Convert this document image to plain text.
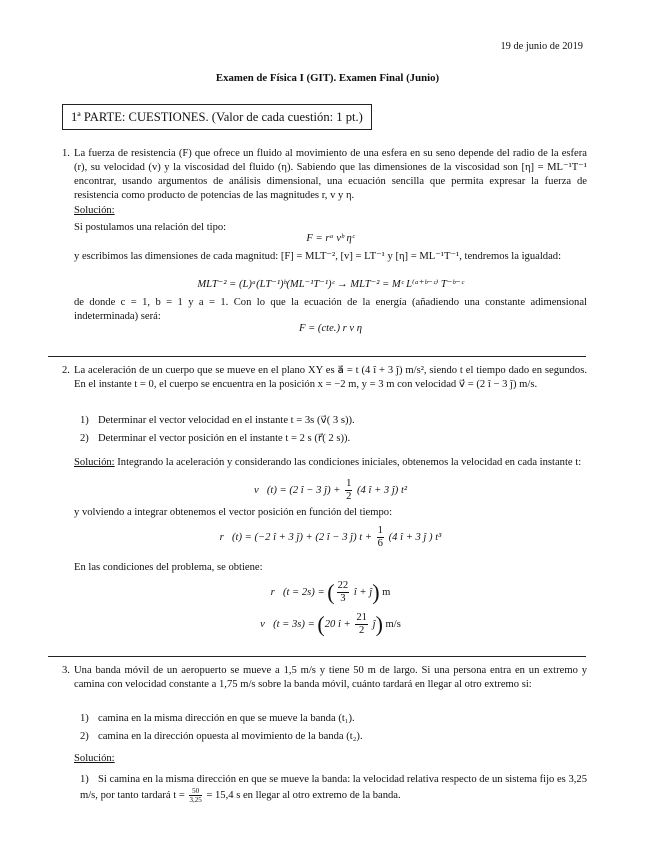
19 de junio de 2019
Examen de Física I (GIT). Examen Final (Junio)
1ª PARTE: CUESTIONES. (Valor de cada cuestión: 1 pt.)
1. La fuerza de resistencia (F) que ofrece un fluido al movimiento de una esfera en su seno depende del radio de la esfera (r), su velocidad (v) y la viscosidad del fluido (η). Sabiendo que las dimensiones de la viscosidad son [η] = ML⁻¹T⁻¹ encontrar, usando argumentos de análisis dimensional, una ecuación sencilla que permita expresar la fuerza de resistencia como producto de potencias de las magnitudes r, v y η.
Solución:
Si postulamos una relación del tipo:
F = rᵃ vᵇ ηᶜ
y escribimos las dimensiones de cada magnitud: [F] = MLT⁻², [v] = LT⁻¹ y [η] = ML⁻¹T⁻¹, tendremos la igualdad:
MLT⁻² = (L)ᵃ(LT⁻¹)ᵇ(ML⁻¹T⁻¹)ᶜ → MLT⁻² = Mᶜ L⁽ᵃ⁺ᵇ⁻ᶜ⁾ T⁻ᵇ⁻ᶜ
de donde c = 1, b = 1 y a = 1. Con lo que la ecuación de la energía (añadiendo una constante adimensional indeterminada) será:
F = (cte.) r v η
2. La aceleración de un cuerpo que se mueve en el plano XY es a⃗ = t (4 î + 3 ĵ) m/s², siendo t el tiempo dado en segundos. En el instante t = 0, el cuerpo se encuentra en la posición x = −2 m, y = 3 m con velocidad v⃗ = (2 î − 3 ĵ) m/s.
1) Determinar el vector velocidad en el instante t = 3s (v⃗( 3 s)).
2) Determinar el vector posición en el instante t = 2 s (r⃗( 2 s)).
Solución: Integrando la aceleración y considerando las condiciones iniciales, obtenemos la velocidad en cada instante t:
v⃗(t) = (2 î − 3 ĵ) + $\frac{1}{2} (4$ î + 3 ĵ) t²
y volviendo a integrar obtenemos el vector posición en función del tiempo:
r⃗(t) = (−2 î + 3 ĵ) + (2 î − 3 ĵ) $t + \frac{1}{6} (4$ î + 3 ĵ ) t³
En las condiciones del problema, se obtiene:
r⃗(t = 2s) = ( $\frac{22}{3}$ î + ĵ) m
v⃗(t = 3s) = (20 î + $\frac{21}{2}$ ĵ) m/s
3. Una banda móvil de un aeropuerto se mueve a 1,5 m/s y tiene 50 m de largo. Si una persona entra en un extremo y camina con velocidad constante a 1,75 m/s sobre la banda móvil, cuánto tardará en llegar al otro extremo si:
1) camina en la misma dirección en que se mueve la banda (t₁).
2) camina en la dirección opuesta al movimiento de la banda (t₂).
Solución:
1) Si camina en la misma dirección en que se mueve la banda: la velocidad relativa respecto de un sistema fijo es 3,25 m/s, por tanto tardará $t = \frac{50}{3,25} = 15,4$ s en llegar al otro extremo de la banda.
